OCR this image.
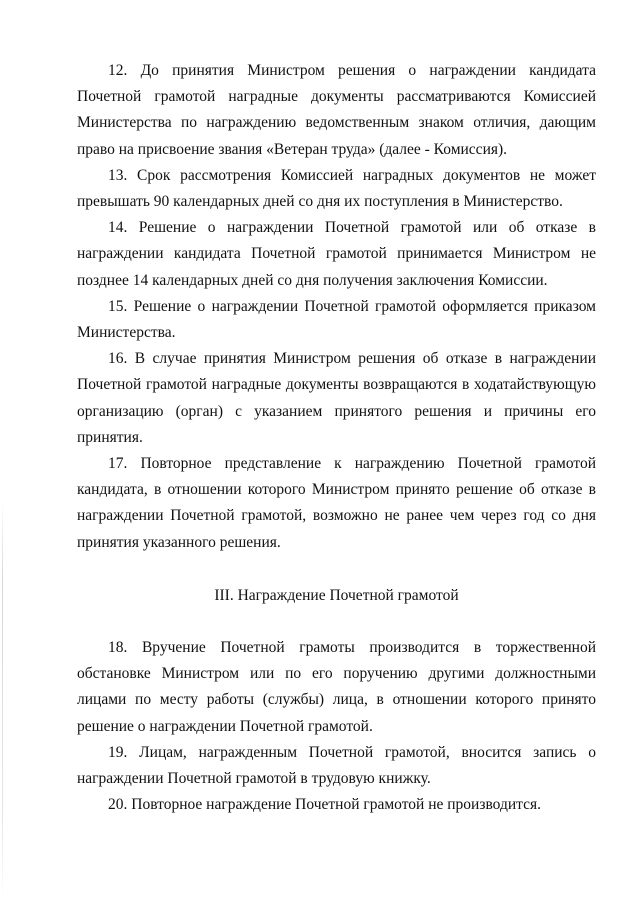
12. До принятия Министром решения о награждении кандидата Почетной грамотой наградные документы рассматриваются Комиссией Министерства по награждению ведомственным знаком отличия, дающим право на присвоение звания «Ветеран труда» (далее - Комиссия).

13. Срок рассмотрения Комиссией наградных документов не может превышать 90 календарных дней со дня их поступления в Министерство.

14. Решение о награждении Почетной грамотой или об отказе в награждении кандидата Почетной грамотой принимается Министром не позднее 14 календарных дней со дня получения заключения Комиссии.

15. Решение о награждении Почетной грамотой оформляется приказом Министерства.

16. В случае принятия Министром решения об отказе в награждении Почетной грамотой наградные документы возвращаются в ходатайствующую организацию (орган) с указанием принятого решения и причины его принятия.

17. Повторное представление к награждению Почетной грамотой кандидата, в отношении которого Министром принято решение об отказе в награждении Почетной грамотой, возможно не ранее чем через год со дня принятия указанного решения.

III. Награждение Почетной грамотой

18. Вручение Почетной грамоты производится в торжественной обстановке Министром или по его поручению другими должностными лицами по месту работы (службы) лица, в отношении которого принято решение о награждении Почетной грамотой.

19. Лицам, награжденным Почетной грамотой, вносится запись о награждении Почетной грамотой в трудовую книжку.

20. Повторное награждение Почетной грамотой не производится.
